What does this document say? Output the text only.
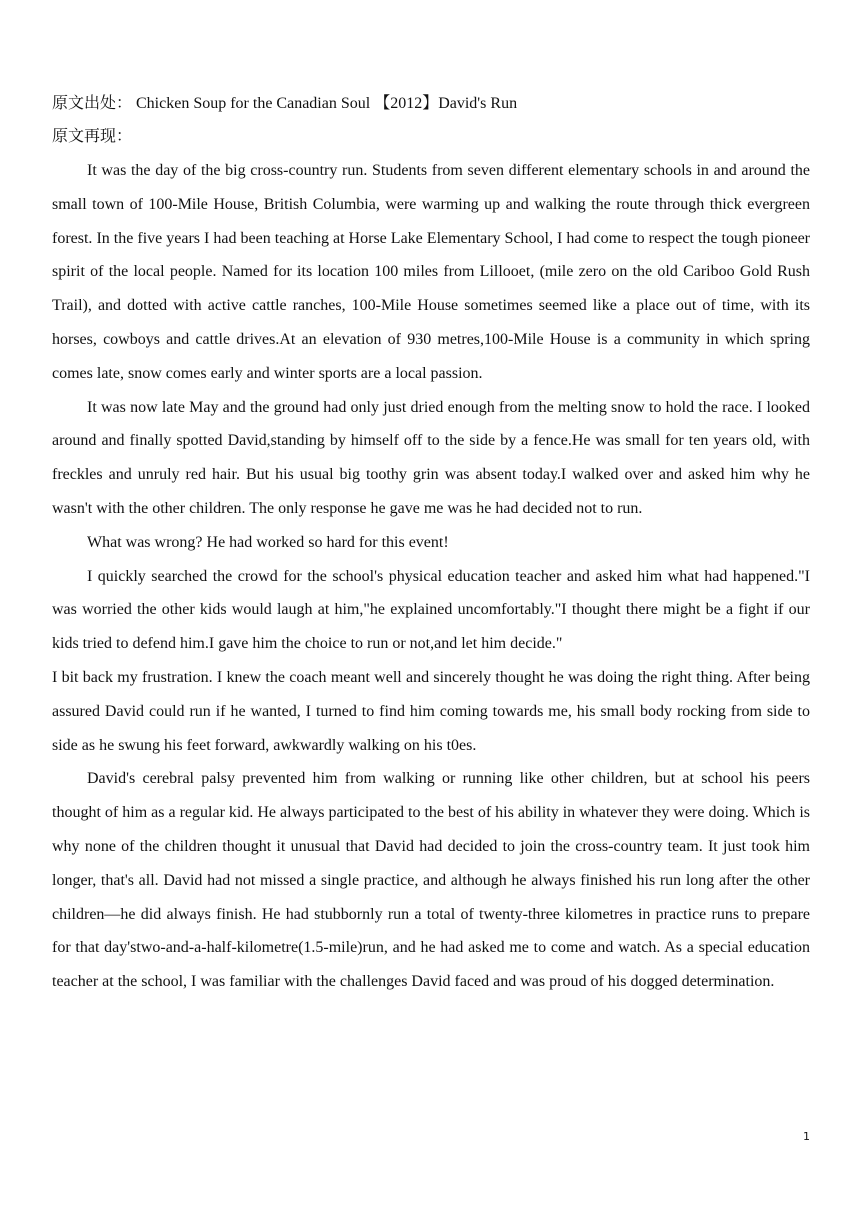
原文出处： Chicken Soup for the Canadian Soul 【2012】David's Run
原文再现：

It was the day of the big cross-country run. Students from seven different elementary schools in and around the small town of 100-Mile House, British Columbia, were warming up and walking the route through thick evergreen forest. In the five years I had been teaching at Horse Lake Elementary School, I had come to respect the tough pioneer spirit of the local people. Named for its location 100 miles from Lillooet, (mile zero on the old Cariboo Gold Rush Trail), and dotted with active cattle ranches, 100-Mile House sometimes seemed like a place out of time, with its horses, cowboys and cattle drives.At an elevation of 930 metres,100-Mile House is a community in which spring comes late, snow comes early and winter sports are a local passion.

It was now late May and the ground had only just dried enough from the melting snow to hold the race. I looked around and finally spotted David,standing by himself off to the side by a fence.He was small for ten years old, with freckles and unruly red hair. But his usual big toothy grin was absent today.I walked over and asked him why he wasn't with the other children. The only response he gave me was he had decided not to run.

What was wrong? He had worked so hard for this event!

I quickly searched the crowd for the school's physical education teacher and asked him what had happened."I was worried the other kids would laugh at him,"he explained uncomfortably."I thought there might be a fight if our kids tried to defend him.I gave him the choice to run or not,and let him decide."

I bit back my frustration. I knew the coach meant well and sincerely thought he was doing the right thing. After being assured David could run if he wanted, I turned to find him coming towards me, his small body rocking from side to side as he swung his feet forward, awkwardly walking on his t0es.

David's cerebral palsy prevented him from walking or running like other children, but at school his peers thought of him as a regular kid. He always participated to the best of his ability in whatever they were doing. Which is why none of the children thought it unusual that David had decided to join the cross-country team. It just took him longer, that's all. David had not missed a single practice, and although he always finished his run long after the other children—he did always finish. He had stubbornly run a total of twenty-three kilometres in practice runs to prepare for that day'stwo-and-a-half-kilometre(1.5-mile)run, and he had asked me to come and watch. As a special education teacher at the school, I was familiar with the challenges David faced and was proud of his dogged determination.

1
